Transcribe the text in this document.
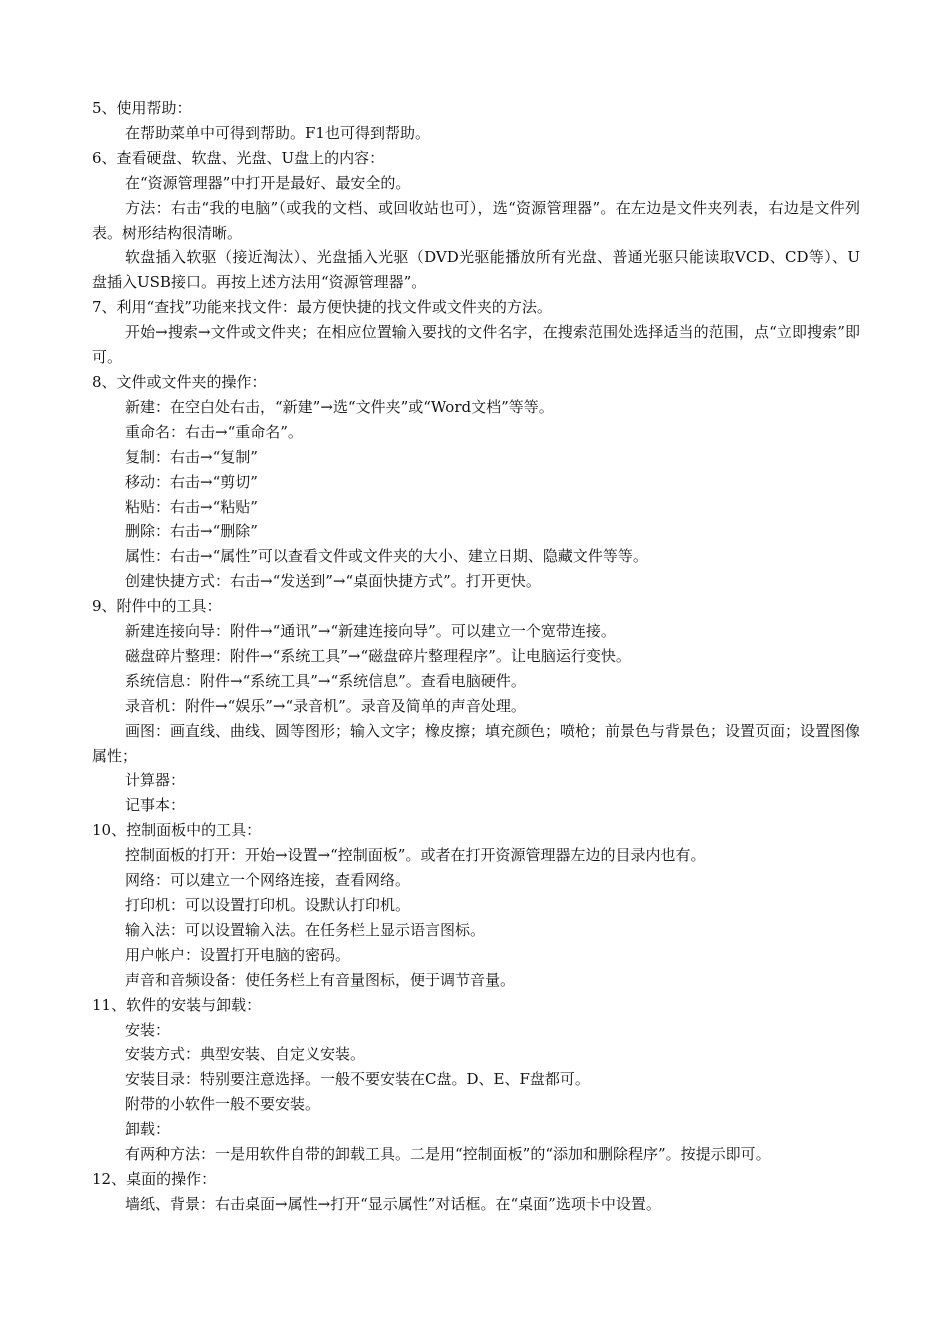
5、使用帮助：

在帮助菜单中可得到帮助。F1也可得到帮助。

6、查看硬盘、软盘、光盘、U盘上的内容：

在“资源管理器”中打开是最好、最安全的。

方法：右击“我的电脑”（或我的文档、或回收站也可），选“资源管理器”。在左边是文件夹列表，右边是文件列表。树形结构很清晰。

软盘插入软驱（接近淘汰）、光盘插入光驱（DVD光驱能播放所有光盘、普通光驱只能读取VCD、CD等）、U盘插入USB接口。再按上述方法用“资源管理器”。

7、利用“查找”功能来找文件：最方便快捷的找文件或文件夹的方法。

开始→搜索→文件或文件夹；在相应位置输入要找的文件名字，在搜索范围处选择适当的范围，点“立即搜索”即可。

8、文件或文件夹的操作：

新建：在空白处右击，“新建”→选“文件夹”或“Word文档”等等。

重命名：右击→“重命名”。

复制：右击→“复制”

移动：右击→“剪切”

粘贴：右击→“粘贴”

删除：右击→“删除”

属性：右击→“属性”可以查看文件或文件夹的大小、建立日期、隐藏文件等等。

创建快捷方式：右击→“发送到”→“桌面快捷方式”。打开更快。

9、附件中的工具：

新建连接向导：附件→“通讯”→“新建连接向导”。可以建立一个宽带连接。

磁盘碎片整理：附件→“系统工具”→“磁盘碎片整理程序”。让电脑运行变快。

系统信息：附件→“系统工具”→“系统信息”。查看电脑硬件。

录音机：附件→“娱乐”→“录音机”。录音及简单的声音处理。

画图：画直线、曲线、圆等图形；输入文字；橡皮擦；填充颜色；喷枪；前景色与背景色；设置页面；设置图像属性；

计算器：

记事本：

10、控制面板中的工具：

控制面板的打开：开始→设置→“控制面板”。或者在打开资源管理器左边的目录内也有。

网络：可以建立一个网络连接，查看网络。

打印机：可以设置打印机。设默认打印机。

输入法：可以设置输入法。在任务栏上显示语言图标。

用户帐户：设置打开电脑的密码。

声音和音频设备：使任务栏上有音量图标，便于调节音量。

11、软件的安装与卸载：

安装：

安装方式：典型安装、自定义安装。

安装目录：特别要注意选择。一般不要安装在C盘。D、E、F盘都可。

附带的小软件一般不要安装。

卸载：

有两种方法：一是用软件自带的卸载工具。二是用“控制面板”的“添加和删除程序”。按提示即可。

12、桌面的操作：

墙纸、背景：右击桌面→属性→打开“显示属性”对话框。在“桌面”选项卡中设置。
